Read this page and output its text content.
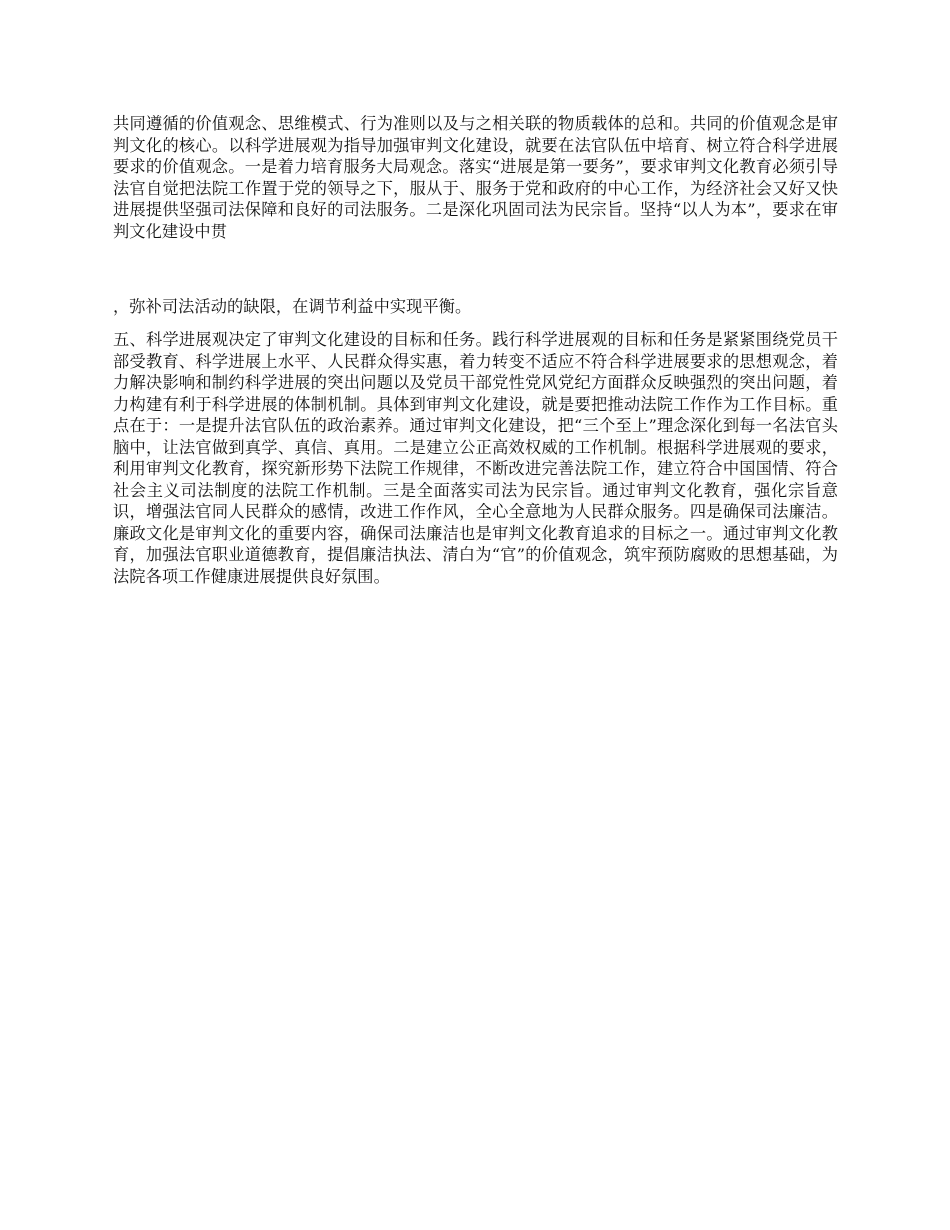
共同遵循的价值观念、思维模式、行为准则以及与之相关联的物质载体的总和。共同的价值观念是审判文化的核心。以科学进展观为指导加强审判文化建设，就要在法官队伍中培育、树立符合科学进展要求的价值观念。一是着力培育服务大局观念。落实“进展是第一要务”，要求审判文化教育必须引导法官自觉把法院工作置于党的领导之下，服从于、服务于党和政府的中心工作，为经济社会又好又快进展提供坚强司法保障和良好的司法服务。二是深化巩固司法为民宗旨。坚持“以人为本”，要求在审判文化建设中贯

，弥补司法活动的缺限，在调节利益中实现平衡。

五、科学进展观决定了审判文化建设的目标和任务。践行科学进展观的目标和任务是紧紧围绕党员干部受教育、科学进展上水平、人民群众得实惠，着力转变不适应不符合科学进展要求的思想观念，着力解决影响和制约科学进展的突出问题以及党员干部党性党风党纪方面群众反映强烈的突出问题，着力构建有利于科学进展的体制机制。具体到审判文化建设，就是要把推动法院工作作为工作目标。重点在于：一是提升法官队伍的政治素养。通过审判文化建设，把“三个至上”理念深化到每一名法官头脑中，让法官做到真学、真信、真用。二是建立公正高效权威的工作机制。根据科学进展观的要求，利用审判文化教育，探究新形势下法院工作规律，不断改进完善法院工作，建立符合中国国情、符合社会主义司法制度的法院工作机制。三是全面落实司法为民宗旨。通过审判文化教育，强化宗旨意识，增强法官同人民群众的感情，改进工作作风，全心全意地为人民群众服务。四是确保司法廉洁。廉政文化是审判文化的重要内容，确保司法廉洁也是审判文化教育追求的目标之一。通过审判文化教育，加强法官职业道德教育，提倡廉洁执法、清白为“官”的价值观念，筑牢预防腐败的思想基础，为法院各项工作健康进展提供良好氛围。
